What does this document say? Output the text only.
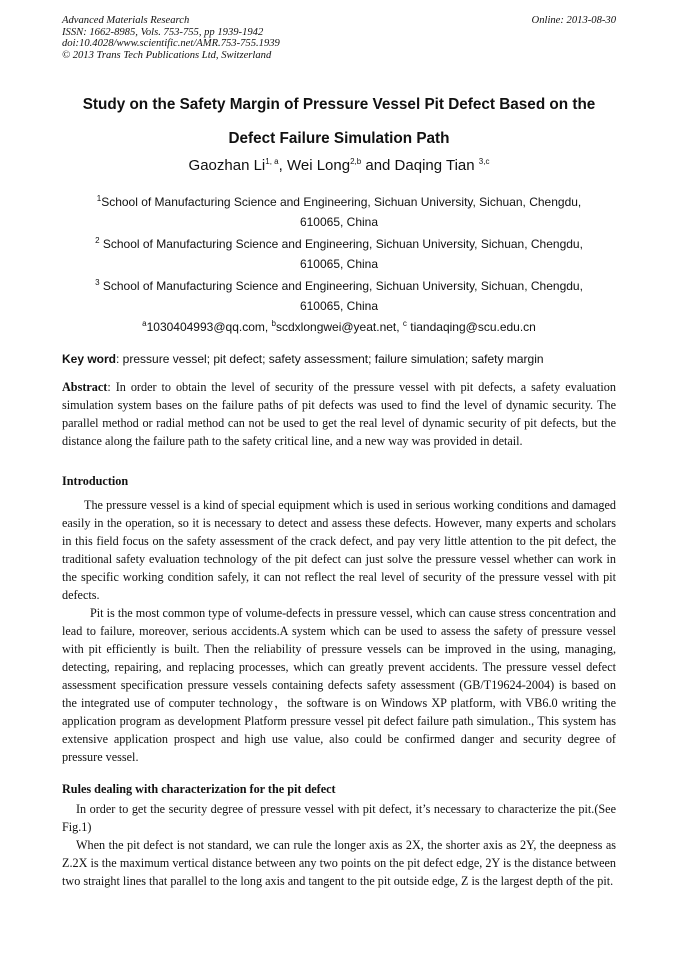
Advanced Materials Research
ISSN: 1662-8985, Vols. 753-755, pp 1939-1942
doi:10.4028/www.scientific.net/AMR.753-755.1939
© 2013 Trans Tech Publications Ltd, Switzerland
Online: 2013-08-30
Study on the Safety Margin of Pressure Vessel Pit Defect Based on the
Defect Failure Simulation Path
Gaozhan Li$^{1, a}$, Wei Long$^{2,b}$ and Daqing Tian $^{3,c}$
$^1$School of Manufacturing Science and Engineering, Sichuan University, Sichuan, Chengdu,
610065, China
$^2$ School of Manufacturing Science and Engineering, Sichuan University, Sichuan, Chengdu,
610065, China
$^3$ School of Manufacturing Science and Engineering, Sichuan University, Sichuan, Chengdu,
610065, China
$^a$1030404993@qq.com, $^b$scdxlongwei@yeat.net, $^c$ tiandaqing@scu.edu.cn
Key word: pressure vessel; pit defect; safety assessment; failure simulation; safety margin
Abstract: In order to obtain the level of security of the pressure vessel with pit defects, a safety evaluation simulation system bases on the failure paths of pit defects was used to find the level of dynamic security. The parallel method or radial method can not be used to get the real level of dynamic security of pit defects, but the distance along the failure path to the safety critical line, and a new way was provided in detail.
Introduction
The pressure vessel is a kind of special equipment which is used in serious working conditions and damaged easily in the operation, so it is necessary to detect and assess these defects. However, many experts and scholars in this field focus on the safety assessment of the crack defect, and pay very little attention to the pit defect, the traditional safety evaluation technology of the pit defect can just solve the pressure vessel whether can work in the specific working condition safely, it can not reflect the real level of security of the pressure vessel with pit defects.
Pit is the most common type of volume-defects in pressure vessel, which can cause stress concentration and lead to failure, moreover, serious accidents.A system which can be used to assess the safety of pressure vessel with pit efficiently is built. Then the reliability of pressure vessels can be improved in the using, managing, detecting, repairing, and replacing processes, which can greatly prevent accidents. The pressure vessel defect assessment specification pressure vessels containing defects safety assessment (GB/T19624-2004) is based on the integrated use of computer technology，the software is on Windows XP platform, with VB6.0 writing the application program as development Platform pressure vessel pit defect failure path simulation., This system has extensive application prospect and high use value, also could be confirmed danger and security degree of pressure vessel.
Rules dealing with characterization for the pit defect
In order to get the security degree of pressure vessel with pit defect, it’s necessary to characterize the pit.(See Fig.1)
When the pit defect is not standard, we can rule the longer axis as 2X, the shorter axis as 2Y, the deepness as Z.2X is the maximum vertical distance between any two points on the pit defect edge, 2Y is the distance between two straight lines that parallel to the long axis and tangent to the pit outside edge, Z is the largest depth of the pit.
